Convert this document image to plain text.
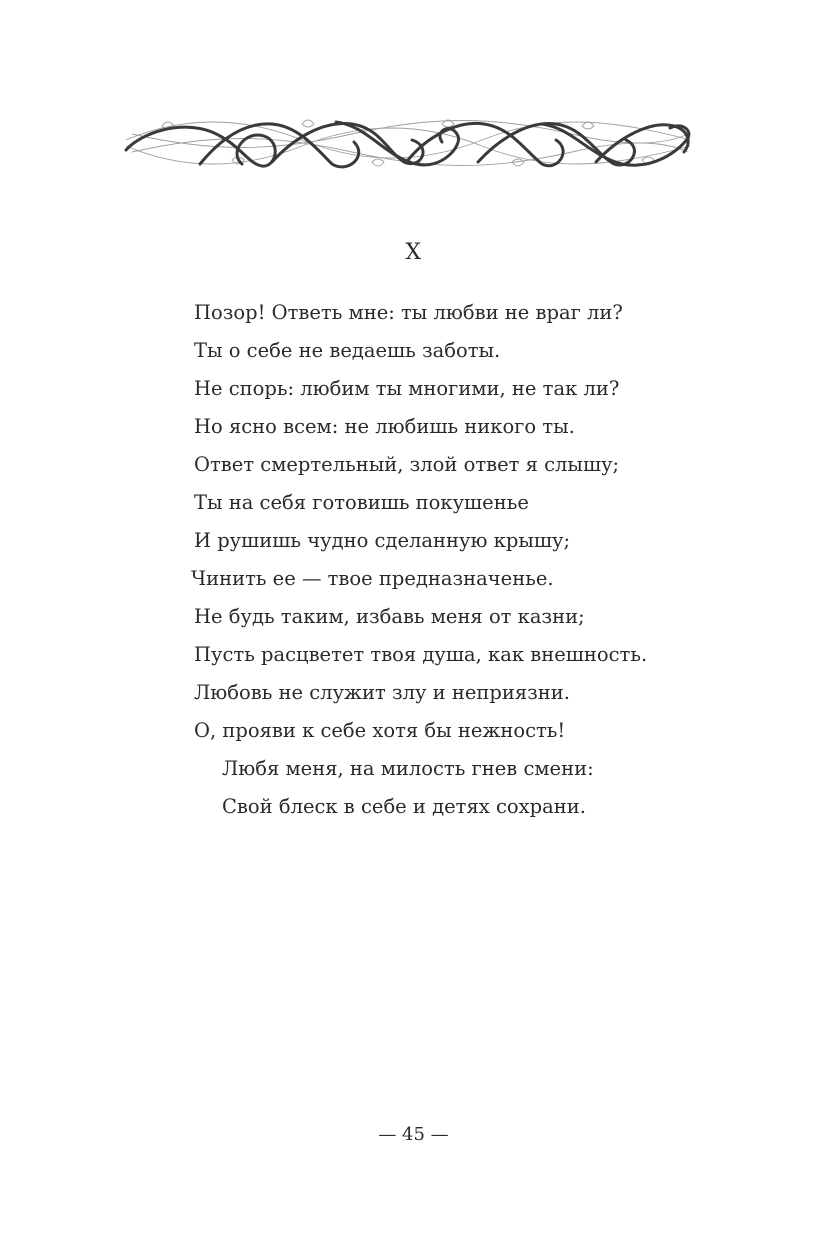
X
Позор! Ответь мне: ты любви не враг ли?
Ты о себе не ведаешь заботы.
Не спорь: любим ты многими, не так ли?
Но ясно всем: не любишь никого ты.
Ответ смертельный, злой ответ я слышу;
Ты на себя готовишь покушенье
И рушишь чудно сделанную крышу;
Чинить ее — твое предназначенье.
Не будь таким, избавь меня от казни;
Пусть расцветет твоя душа, как внешность.
Любовь не служит злу и неприязни.
О, прояви к себе хотя бы нежность!
Любя меня, на милость гнев смени:
Свой блеск в себе и детях сохрани.
— 45 —
